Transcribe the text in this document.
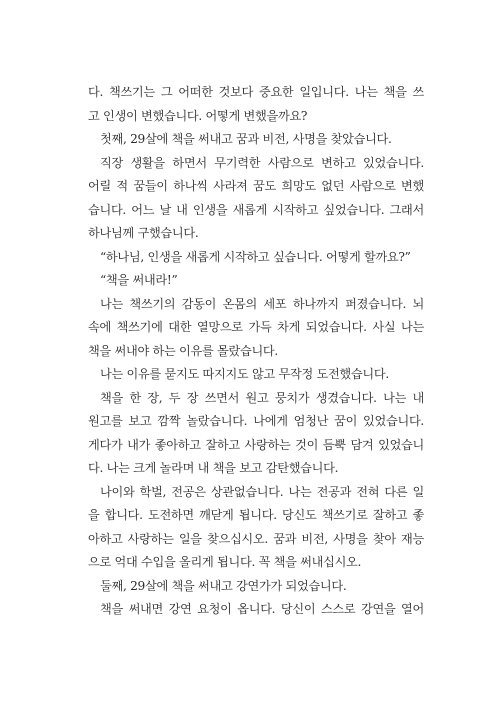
다. 책쓰기는 그 어떠한 것보다 중요한 일입니다. 나는 책을 쓰
고 인생이 변했습니다. 어떻게 변했을까요?
첫째, 29살에 책을 써내고 꿈과 비전, 사명을 찾았습니다.
직장 생활을 하면서 무기력한 사람으로 변하고 있었습니다.
어릴 적 꿈들이 하나씩 사라져 꿈도 희망도 없던 사람으로 변했
습니다. 어느 날 내 인생을 새롭게 시작하고 싶었습니다. 그래서
하나님께 구했습니다.
“하나님, 인생을 새롭게 시작하고 싶습니다. 어떻게 할까요?”
“책을 써내라!”
나는 책쓰기의 감동이 온몸의 세포 하나까지 퍼졌습니다. 뇌
속에 책쓰기에 대한 열망으로 가득 차게 되었습니다. 사실 나는
책을 써내야 하는 이유를 몰랐습니다.
나는 이유를 묻지도 따지지도 않고 무작정 도전했습니다.
책을 한 장, 두 장 쓰면서 원고 뭉치가 생겼습니다. 나는 내
원고를 보고 깜짝 놀랐습니다. 나에게 엄청난 꿈이 있었습니다.
게다가 내가 좋아하고 잘하고 사랑하는 것이 듬뿍 담겨 있었습니
다. 나는 크게 놀라며 내 책을 보고 감탄했습니다.
나이와 학벌, 전공은 상관없습니다. 나는 전공과 전혀 다른 일
을 합니다. 도전하면 깨닫게 됩니다. 당신도 책쓰기로 잘하고 좋
아하고 사랑하는 일을 찾으십시오. 꿈과 비전, 사명을 찾아 재능
으로 억대 수입을 올리게 됩니다. 꼭 책을 써내십시오.
둘째, 29살에 책을 써내고 강연가가 되었습니다.
책을 써내면 강연 요청이 옵니다. 당신이 스스로 강연을 열어
